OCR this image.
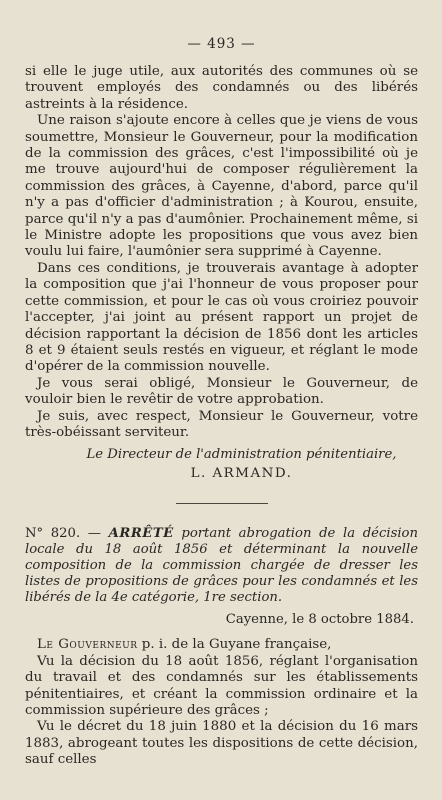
— 493 —

si elle le juge utile, aux autorités des communes où se trouvent employés des condamnés ou des libérés astreints à la résidence.

Une raison s'ajoute encore à celles que je viens de vous soumettre, Monsieur le Gouverneur, pour la modification de la commission des grâces, c'est l'impossibilité où je me trouve aujourd'hui de composer régulièrement la commission des grâces, à Cayenne, d'abord, parce qu'il n'y a pas d'officier d'administration ; à Kourou, ensuite, parce qu'il n'y a pas d'aumônier. Prochainement même, si le Ministre adopte les propositions que vous avez bien voulu lui faire, l'aumônier sera supprimé à Cayenne.

Dans ces conditions, je trouverais avantage à adopter la composition que j'ai l'honneur de vous proposer pour cette commission, et pour le cas où vous croiriez pouvoir l'accepter, j'ai joint au présent rapport un projet de décision rapportant la décision de 1856 dont les articles 8 et 9 étaient seuls restés en vigueur, et réglant le mode d'opérer de la commission nouvelle.

Je vous serai obligé, Monsieur le Gouverneur, de vouloir bien le revêtir de votre approbation.

Je suis, avec respect, Monsieur le Gouverneur, votre très-obéissant serviteur.

Le Directeur de l'administration pénitentiaire,
L. ARMAND.
N° 820. — ARRÊTÉ portant abrogation de la décision locale du 18 août 1856 et déterminant la nouvelle composition de la commission chargée de dresser les listes de propositions de grâces pour les condamnés et les libérés de la 4e catégorie, 1re section.
Cayenne, le 8 octobre 1884.

Le Gouverneur p. i. de la Guyane française,

Vu la décision du 18 août 1856, réglant l'organisation du travail et des condamnés sur les établissements pénitentiaires, et créant la commission ordinaire et la commission supérieure des grâces ;

Vu le décret du 18 juin 1880 et la décision du 16 mars 1883, abrogeant toutes les dispositions de cette décision, sauf celles
